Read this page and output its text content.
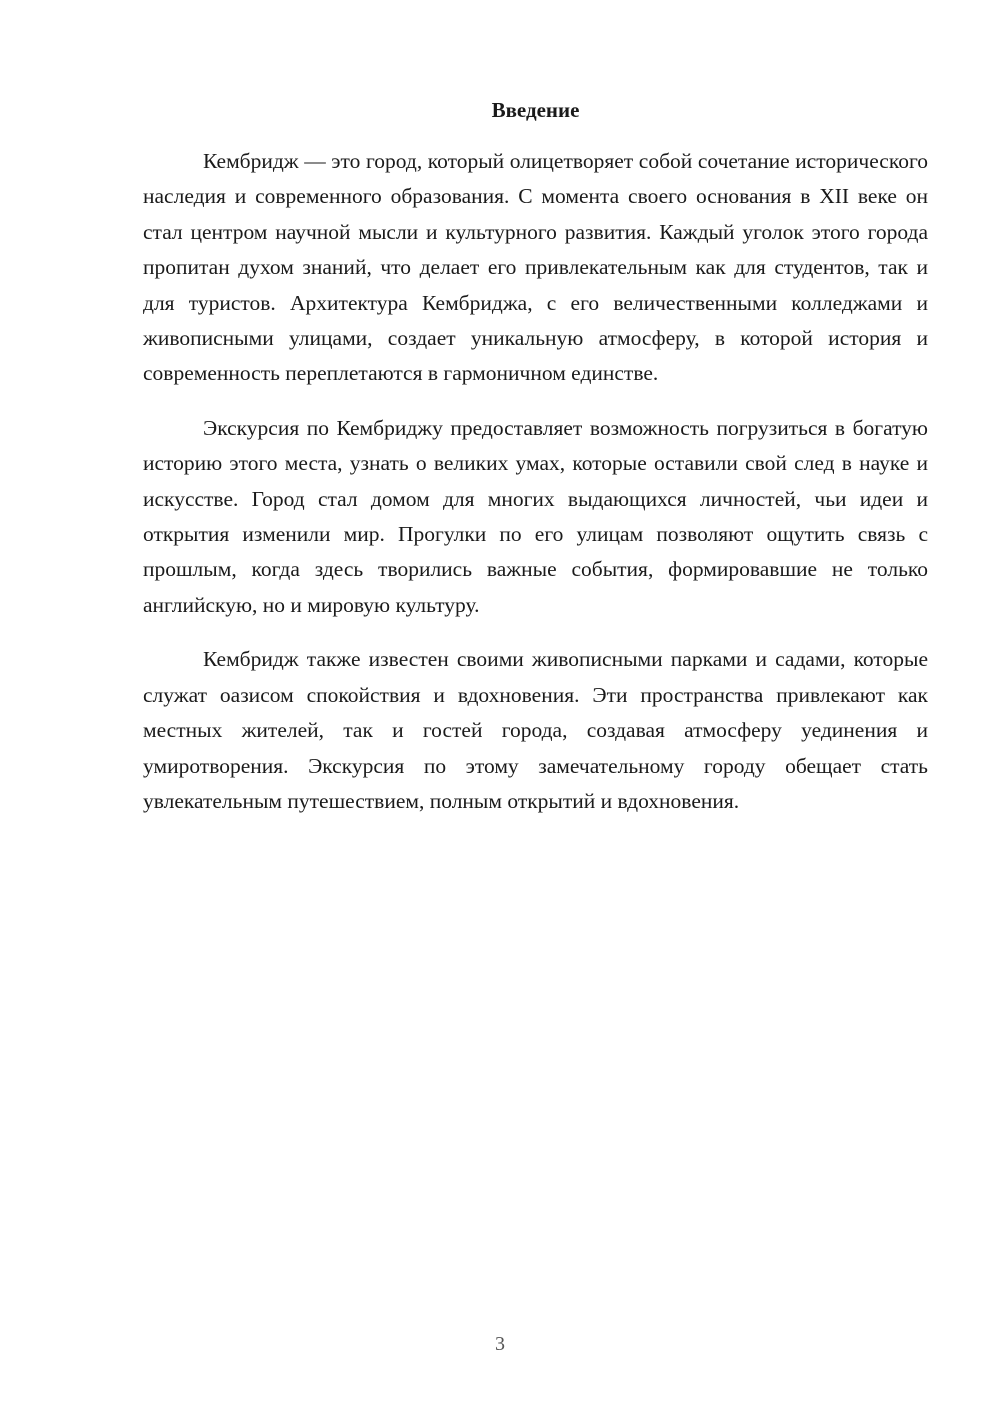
Введение

Кембридж — это город, который олицетворяет собой сочетание исторического наследия и современного образования. С момента своего основания в XII веке он стал центром научной мысли и культурного развития. Каждый уголок этого города пропитан духом знаний, что делает его привлекательным как для студентов, так и для туристов. Архитектура Кембриджа, с его величественными колледжами и живописными улицами, создает уникальную атмосферу, в которой история и современность переплетаются в гармоничном единстве.

Экскурсия по Кембриджу предоставляет возможность погрузиться в богатую историю этого места, узнать о великих умах, которые оставили свой след в науке и искусстве. Город стал домом для многих выдающихся личностей, чьи идеи и открытия изменили мир. Прогулки по его улицам позволяют ощутить связь с прошлым, когда здесь творились важные события, формировавшие не только английскую, но и мировую культуру.

Кембридж также известен своими живописными парками и садами, которые служат оазисом спокойствия и вдохновения. Эти пространства привлекают как местных жителей, так и гостей города, создавая атмосферу уединения и умиротворения. Экскурсия по этому замечательному городу обещает стать увлекательным путешествием, полным открытий и вдохновения.

3
